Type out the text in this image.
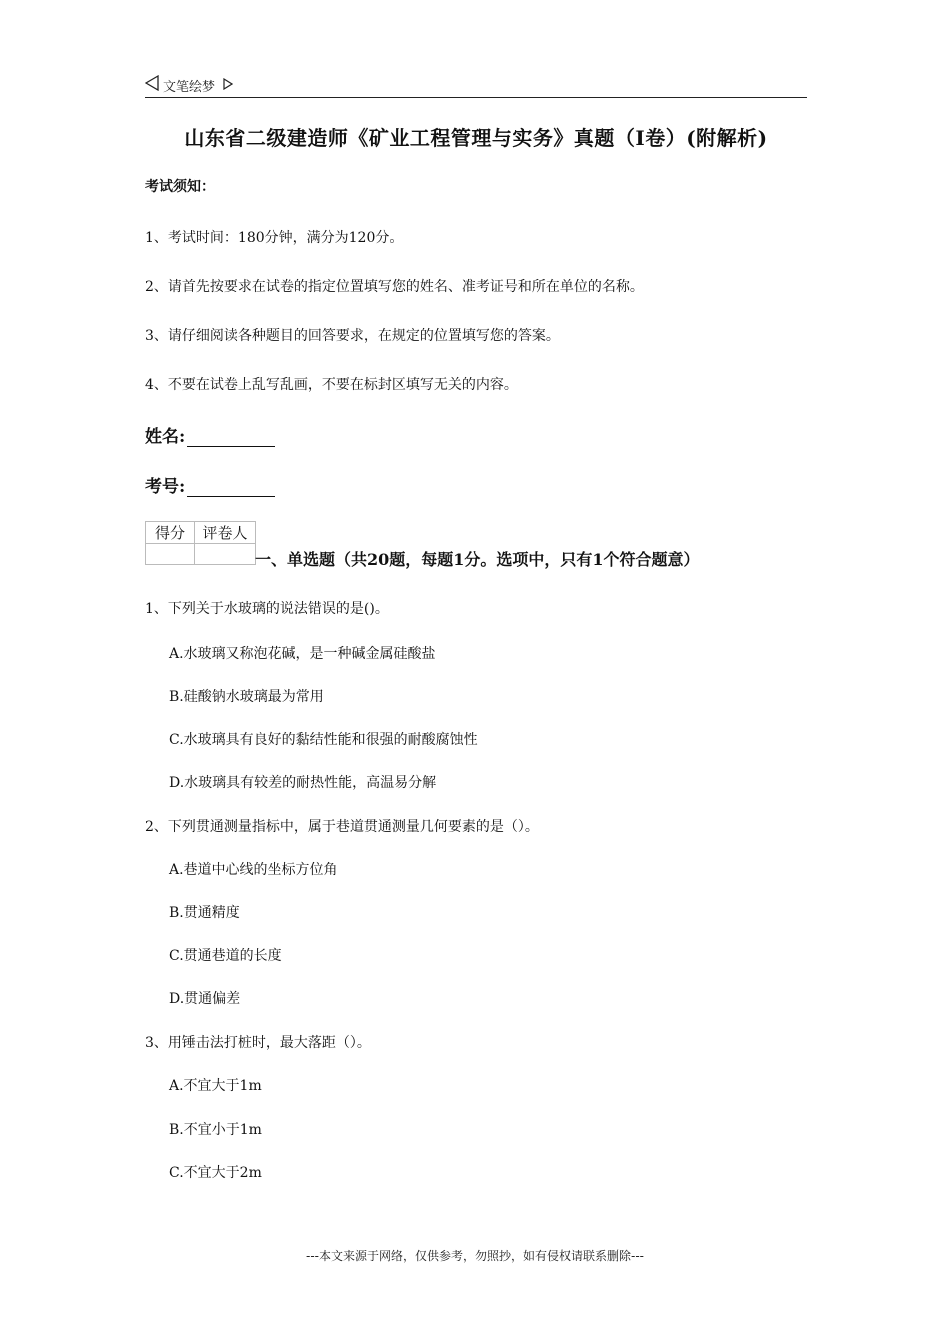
文笔绘梦
山东省二级建造师《矿业工程管理与实务》真题（I卷）(附解析)
考试须知：
1、考试时间：180分钟，满分为120分。
2、请首先按要求在试卷的指定位置填写您的姓名、准考证号和所在单位的名称。
3、请仔细阅读各种题目的回答要求，在规定的位置填写您的答案。
4、不要在试卷上乱写乱画，不要在标封区填写无关的内容。
姓名:
考号:
得分	评卷人

一、单选题（共20题，每题1分。选项中，只有1个符合题意）
1、下列关于水玻璃的说法错误的是()。
A.水玻璃又称泡花碱，是一种碱金属硅酸盐
B.硅酸钠水玻璃最为常用
C.水玻璃具有良好的黏结性能和很强的耐酸腐蚀性
D.水玻璃具有较差的耐热性能，高温易分解
2、下列贯通测量指标中，属于巷道贯通测量几何要素的是（）。
A.巷道中心线的坐标方位角
B.贯通精度
C.贯通巷道的长度
D.贯通偏差
3、用锤击法打桩时，最大落距（）。
A.不宜大于1m
B.不宜小于1m
C.不宜大于2m
---本文来源于网络，仅供参考，勿照抄，如有侵权请联系删除---
